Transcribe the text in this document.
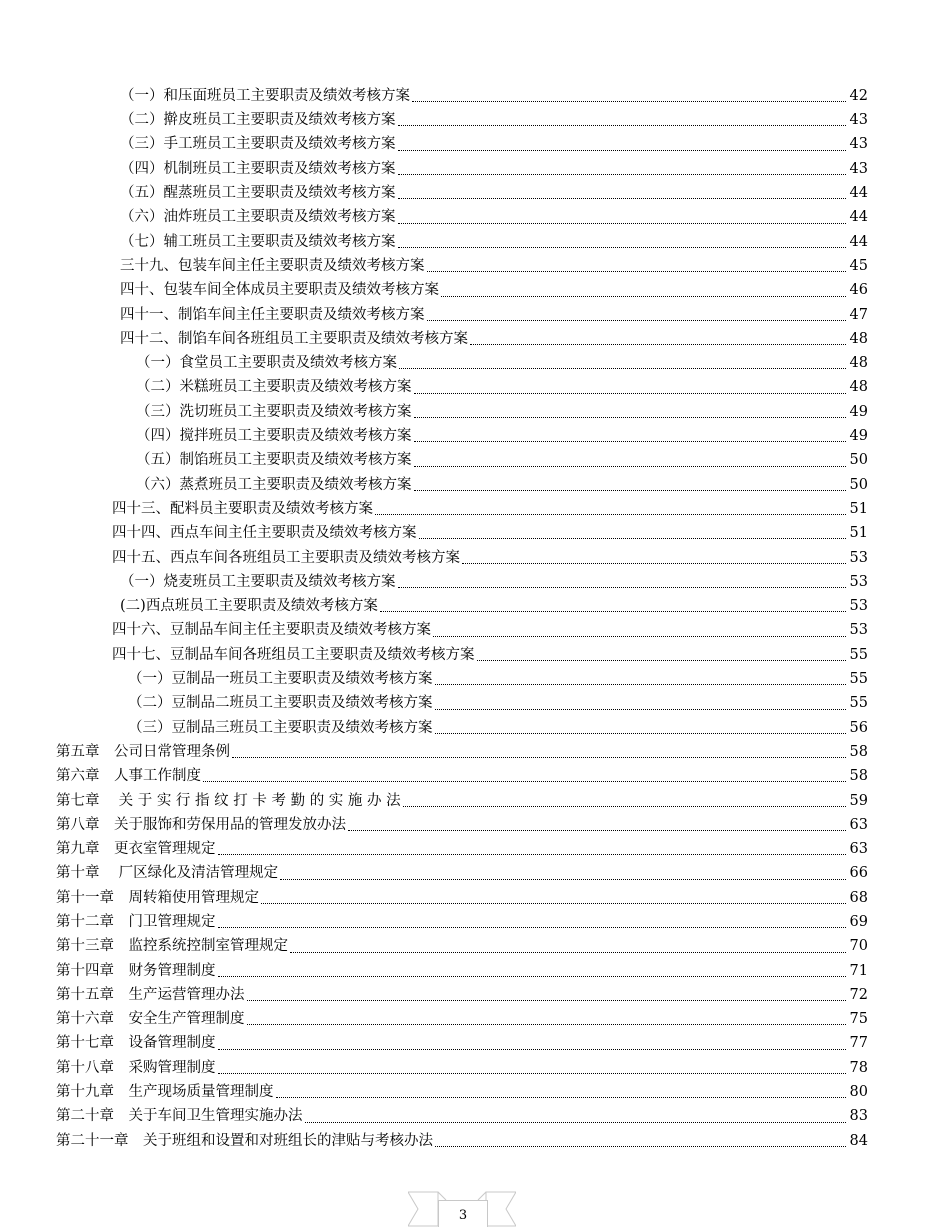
（一）和压面班员工主要职责及绩效考核方案	42
（二）擀皮班员工主要职责及绩效考核方案	43
（三）手工班员工主要职责及绩效考核方案	43
（四）机制班员工主要职责及绩效考核方案	43
（五）醒蒸班员工主要职责及绩效考核方案	44
（六）油炸班员工主要职责及绩效考核方案	44
（七）辅工班员工主要职责及绩效考核方案	44
三十九、包装车间主任主要职责及绩效考核方案	45
四十、包装车间全体成员主要职责及绩效考核方案	46
四十一、制馅车间主任主要职责及绩效考核方案	47
四十二、制馅车间各班组员工主要职责及绩效考核方案	48
（一）食堂员工主要职责及绩效考核方案	48
（二）米糕班员工主要职责及绩效考核方案	48
（三）洗切班员工主要职责及绩效考核方案	49
（四）搅拌班员工主要职责及绩效考核方案	49
（五）制馅班员工主要职责及绩效考核方案	50
（六）蒸煮班员工主要职责及绩效考核方案	50
四十三、配料员主要职责及绩效考核方案	51
四十四、西点车间主任主要职责及绩效考核方案	51
四十五、西点车间各班组员工主要职责及绩效考核方案	53
（一）烧麦班员工主要职责及绩效考核方案	53
(二)西点班员工主要职责及绩效考核方案	53
四十六、豆制品车间主任主要职责及绩效考核方案	53
四十七、豆制品车间各班组员工主要职责及绩效考核方案	55
（一）豆制品一班员工主要职责及绩效考核方案	55
（二）豆制品二班员工主要职责及绩效考核方案	55
（三）豆制品三班员工主要职责及绩效考核方案	56
第五章　公司日常管理条例	58
第六章　人事工作制度	58
第七章　 关 于 实 行 指 纹 打 卡 考 勤 的 实 施 办 法	59
第八章　关于服饰和劳保用品的管理发放办法	63
第九章　更衣室管理规定	63
第十章　 厂区绿化及清洁管理规定	66
第十一章　周转箱使用管理规定	68
第十二章　门卫管理规定	69
第十三章　监控系统控制室管理规定	70
第十四章　财务管理制度	71
第十五章　生产运营管理办法	72
第十六章　安全生产管理制度	75
第十七章　设备管理制度	77
第十八章　采购管理制度	78
第十九章　生产现场质量管理制度	80
第二十章　关于车间卫生管理实施办法	83
第二十一章　关于班组和设置和对班组长的津贴与考核办法	84
3
